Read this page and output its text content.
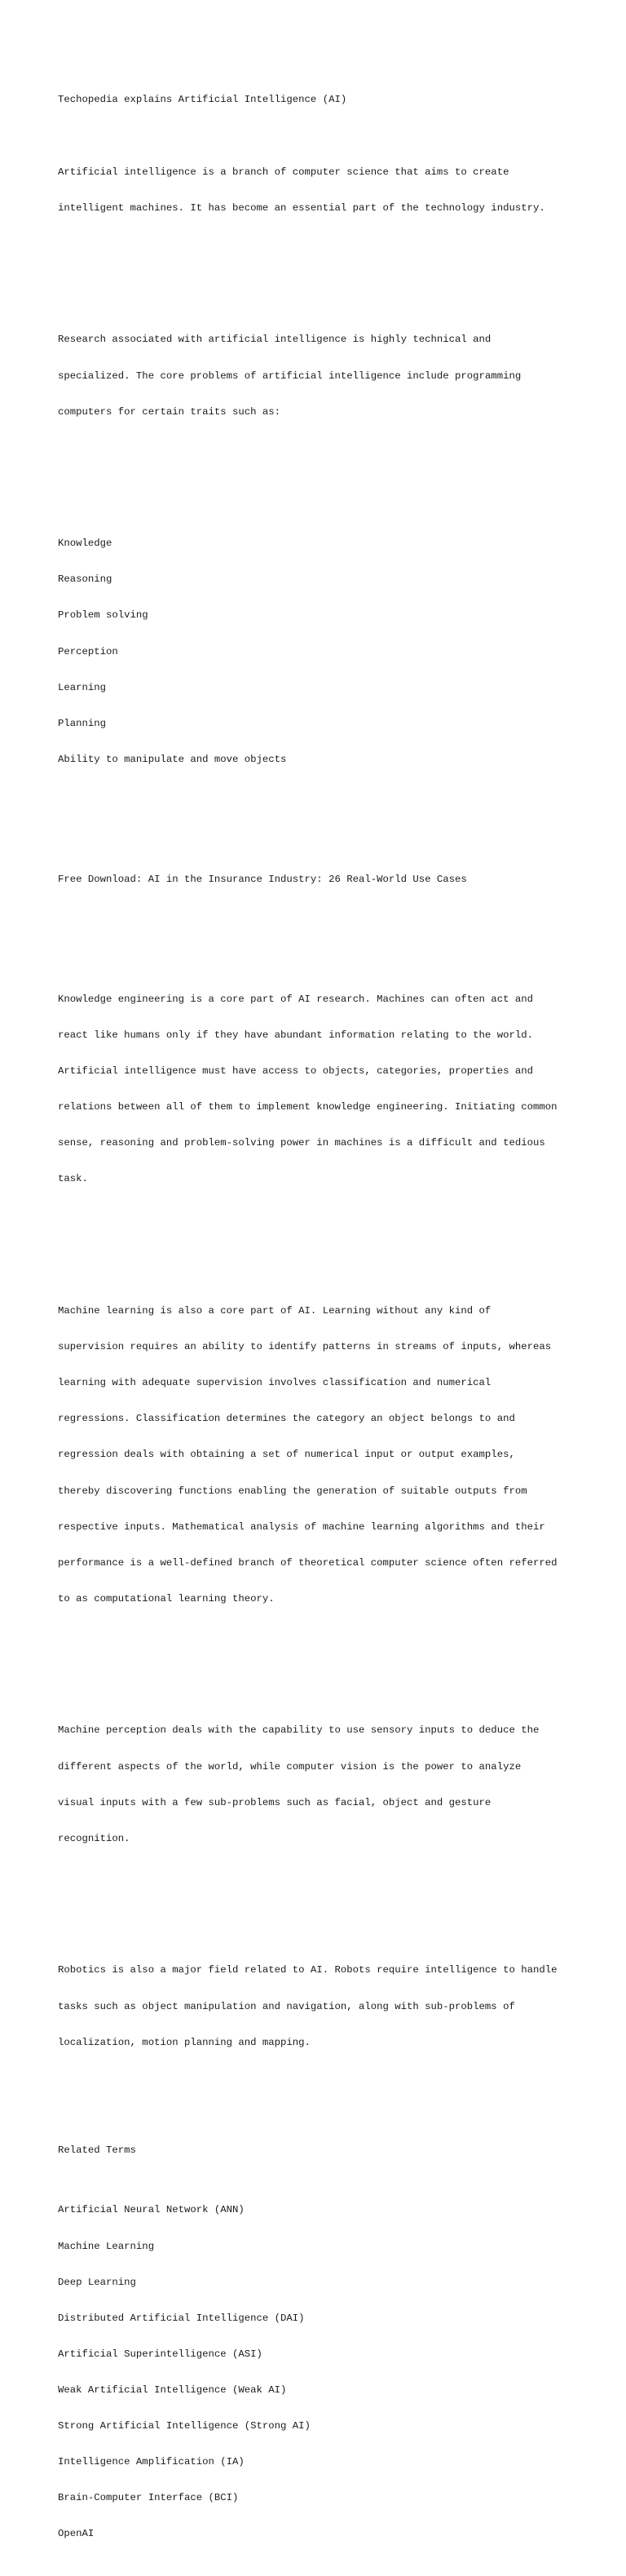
Techopedia explains Artificial Intelligence (AI)

Artificial intelligence is a branch of computer science that aims to create

intelligent machines. It has become an essential part of the technology industry.

Research associated with artificial intelligence is highly technical and

specialized. The core problems of artificial intelligence include programming

computers for certain traits such as:

Knowledge

Reasoning

Problem solving

Perception

Learning

Planning

Ability to manipulate and move objects

Free Download: AI in the Insurance Industry: 26 Real-World Use Cases

Knowledge engineering is a core part of AI research. Machines can often act and

react like humans only if they have abundant information relating to the world.

Artificial intelligence must have access to objects, categories, properties and

relations between all of them to implement knowledge engineering. Initiating common

sense, reasoning and problem-solving power in machines is a difficult and tedious

task.

Machine learning is also a core part of AI. Learning without any kind of

supervision requires an ability to identify patterns in streams of inputs, whereas

learning with adequate supervision involves classification and numerical

regressions. Classification determines the category an object belongs to and

regression deals with obtaining a set of numerical input or output examples,

thereby discovering functions enabling the generation of suitable outputs from

respective inputs. Mathematical analysis of machine learning algorithms and their

performance is a well-defined branch of theoretical computer science often referred

to as computational learning theory.

Machine perception deals with the capability to use sensory inputs to deduce the

different aspects of the world, while computer vision is the power to analyze

visual inputs with a few sub-problems such as facial, object and gesture

recognition.

Robotics is also a major field related to AI. Robots require intelligence to handle

tasks such as object manipulation and navigation, along with sub-problems of

localization, motion planning and mapping.

Related Terms

Artificial Neural Network (ANN)

Machine Learning

Deep Learning

Distributed Artificial Intelligence (DAI)

Artificial Superintelligence (ASI)

Weak Artificial Intelligence (Weak AI)

Strong Artificial Intelligence (Strong AI)

Intelligence Amplification (IA)

Brain-Computer Interface (BCI)

OpenAI
